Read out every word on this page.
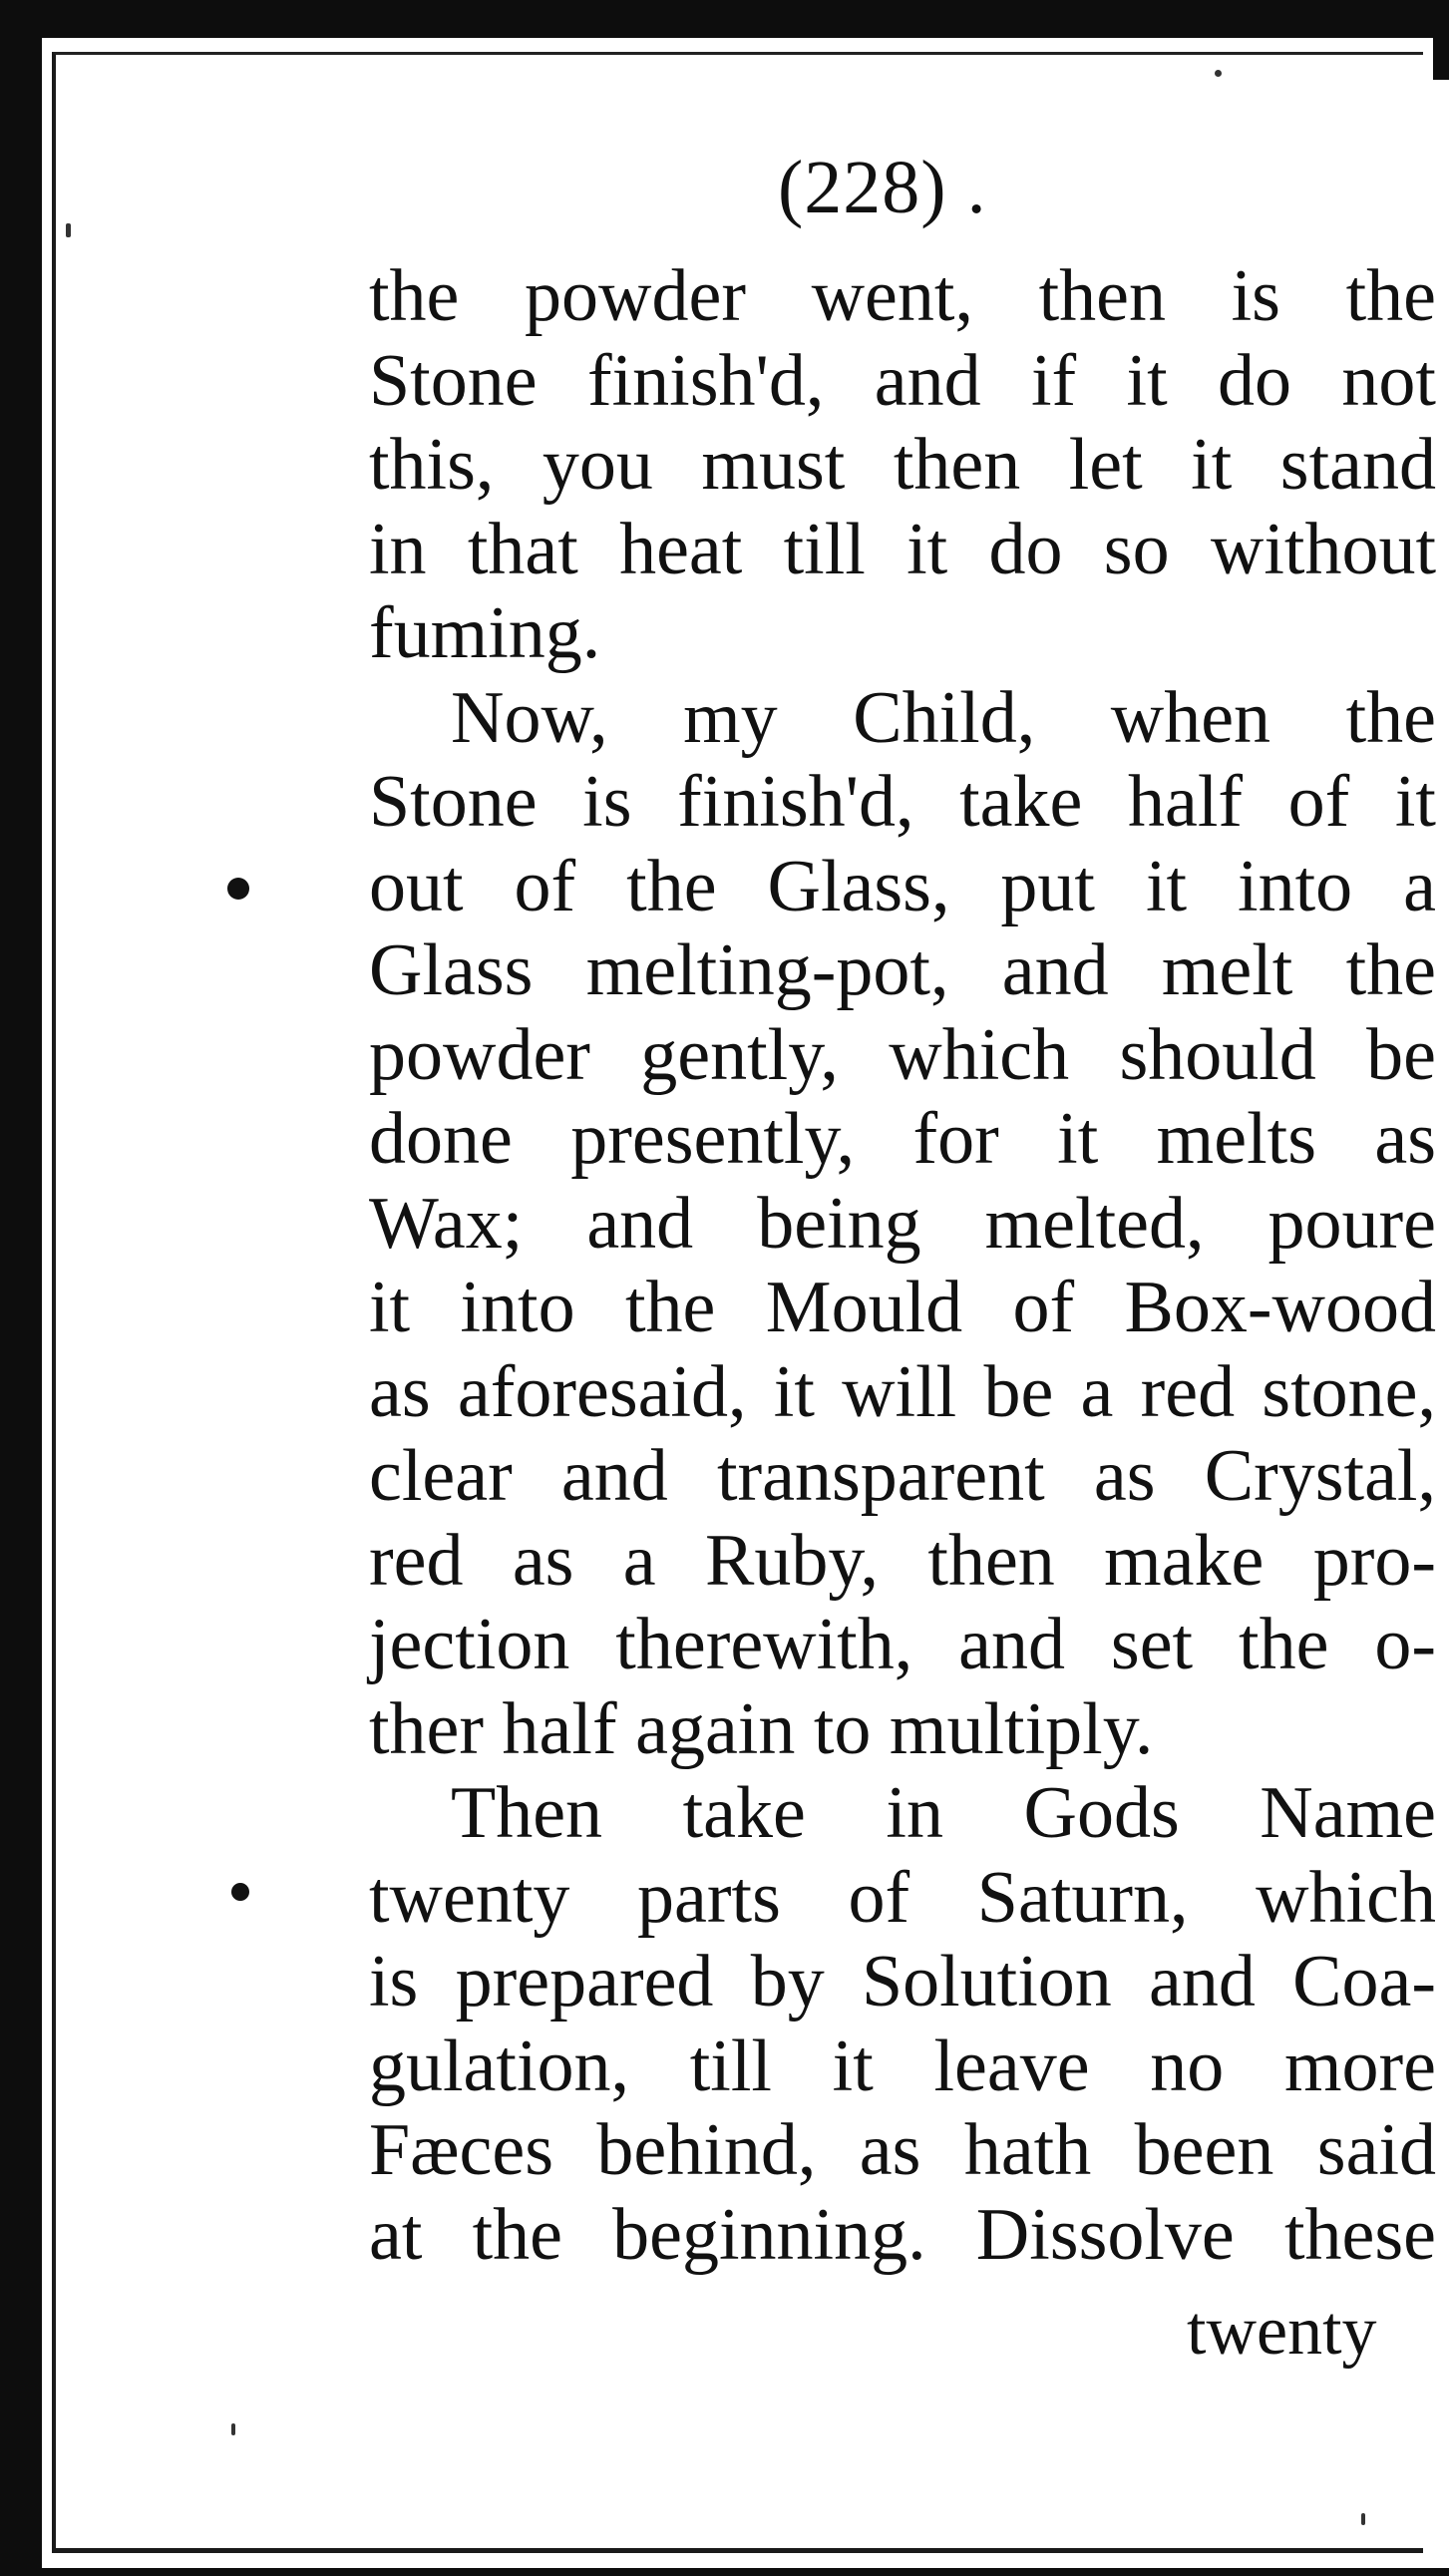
(228) .
the powder went, then is the
Stone finish'd, and if it do not
this, you must then let it stand
in that heat till it do so without
fuming.
Now, my Child, when the
Stone is finish'd, take half of it
out of the Glass, put it into a
Glass melting-pot, and melt the
powder gently, which should be
done presently, for it melts as
Wax; and being melted, poure
it into the Mould of Box-wood
as aforesaid, it will be a red stone,
clear and transparent as Crystal,
red as a Ruby, then make pro-
jection therewith, and set the o-
ther half again to multiply.
Then take in Gods Name
twenty parts of Saturn, which
is prepared by Solution and Coa-
gulation, till it leave no more
Fæces behind, as hath been said
at the beginning. Dissolve these
twenty
